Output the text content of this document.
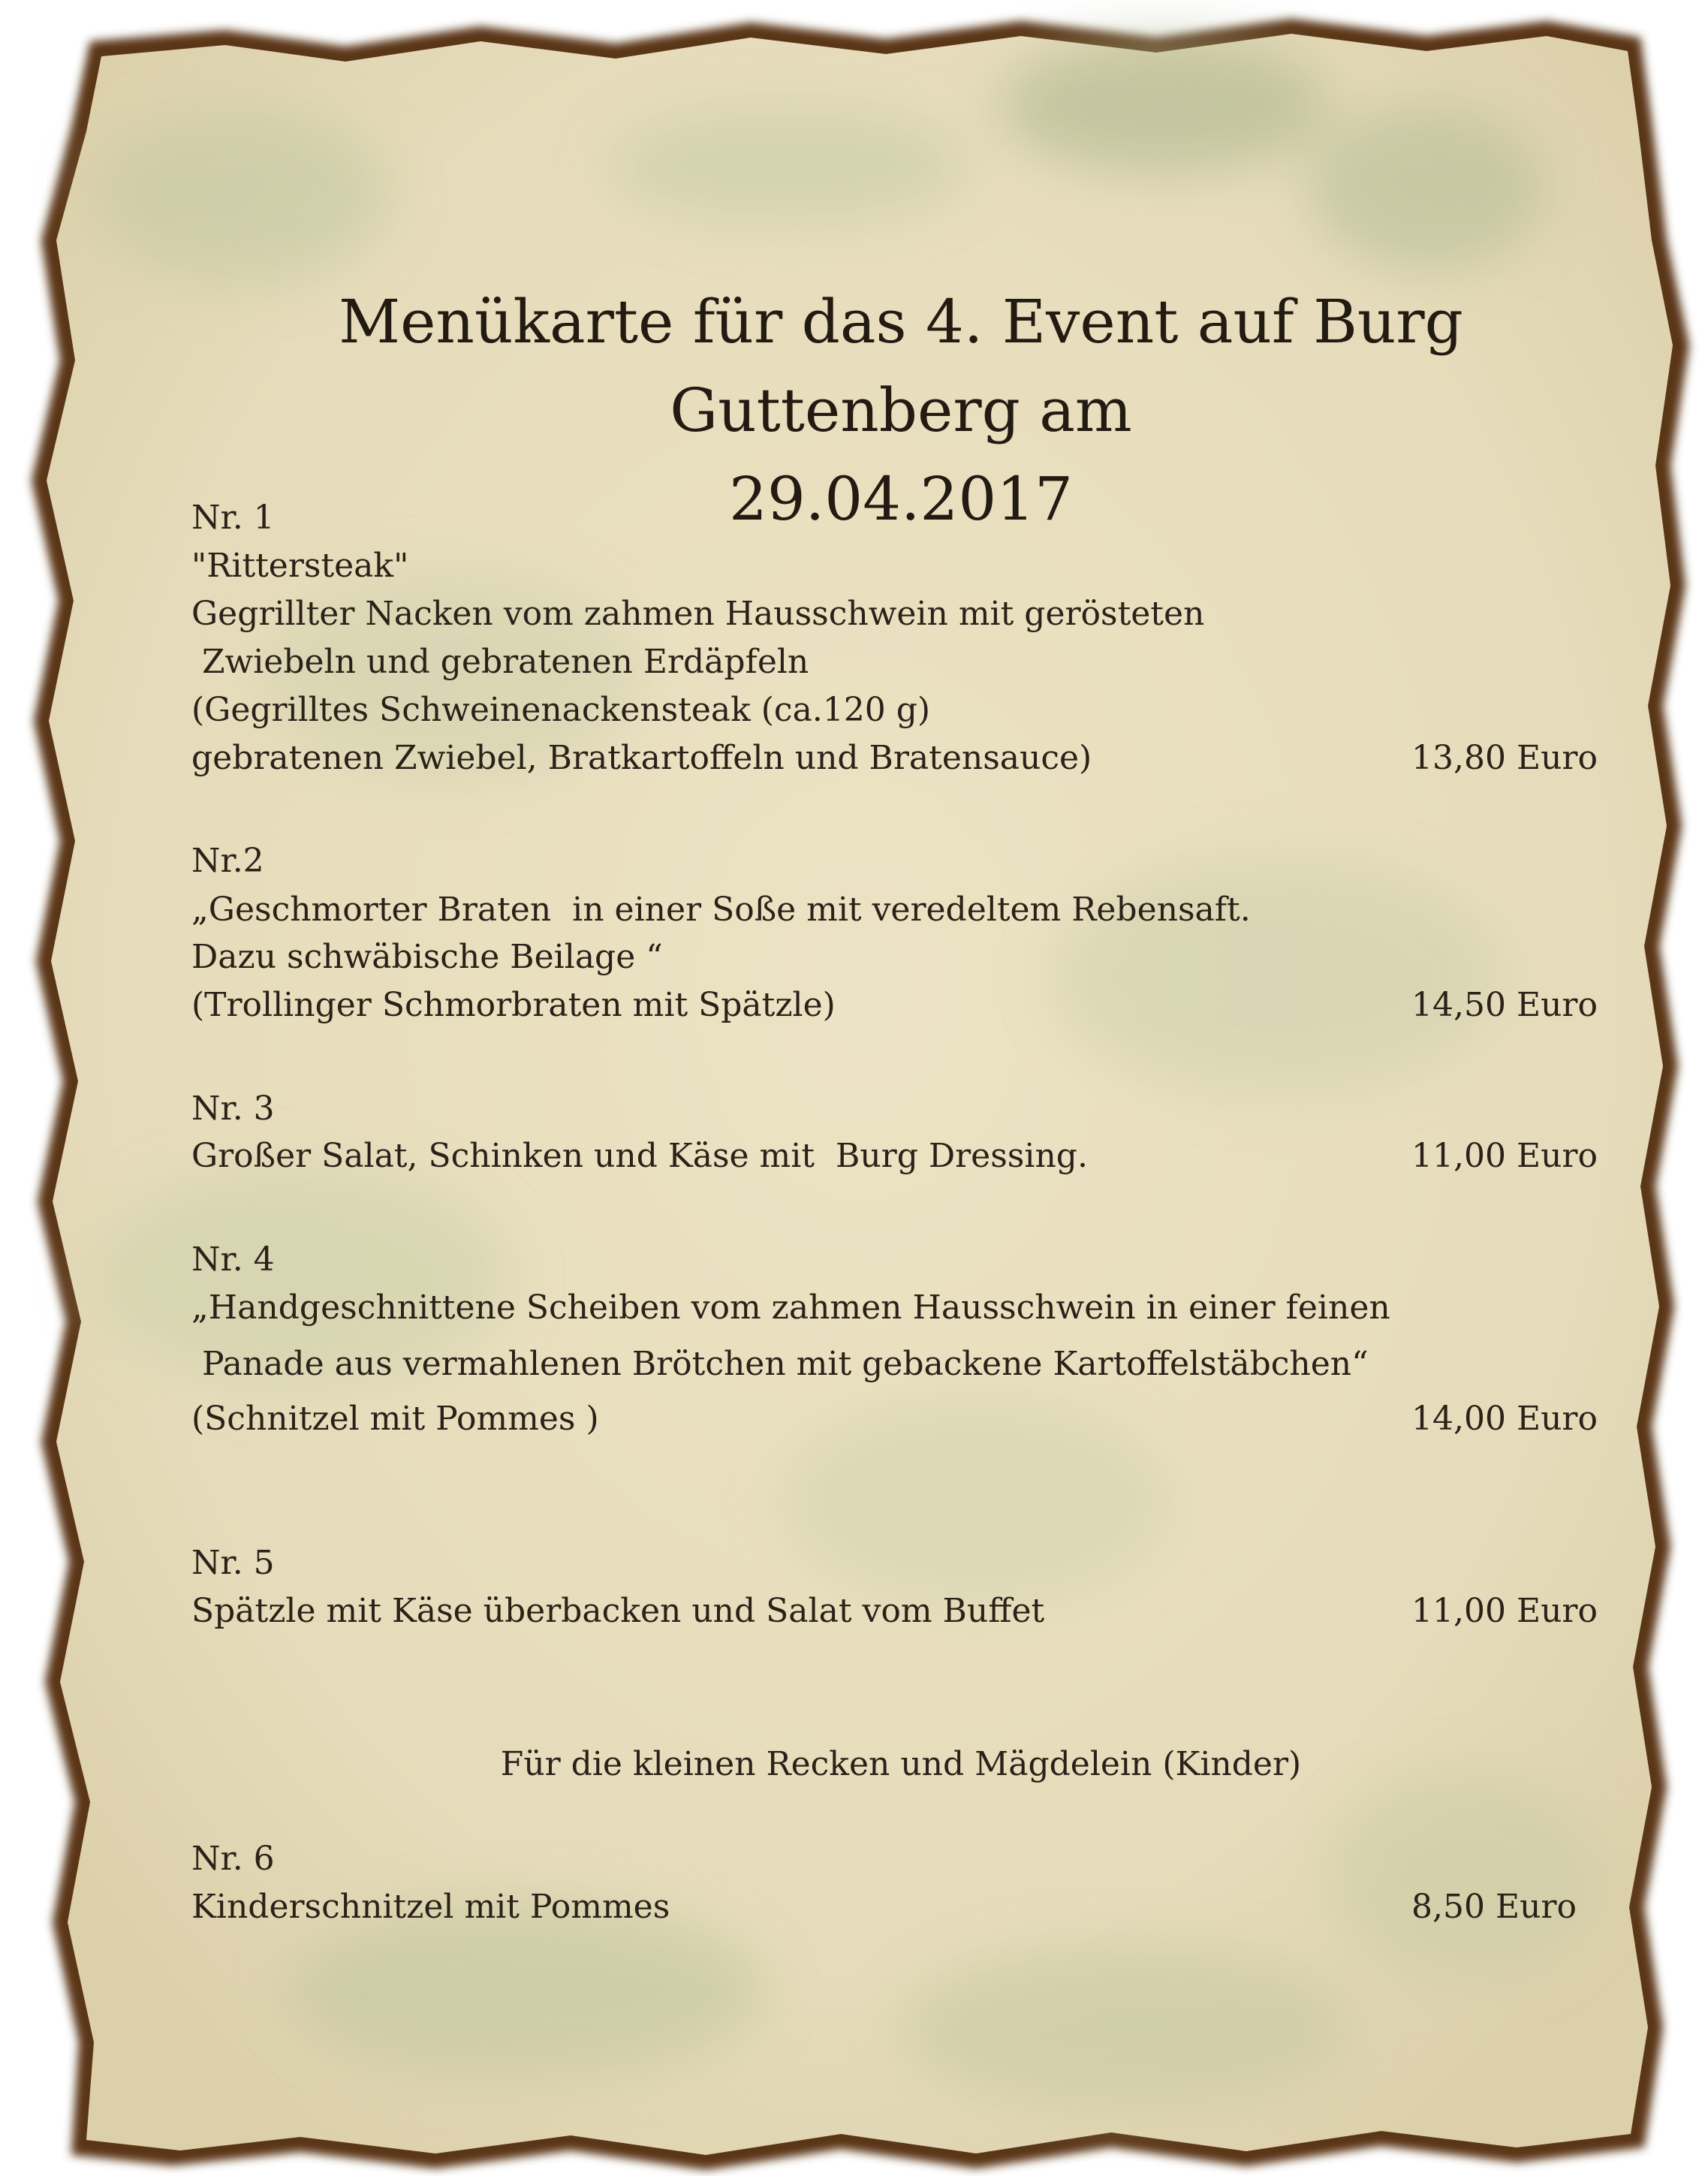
Menükarte für das 4. Event auf Burg Guttenberg am
29.04.2017
Nr. 1
"Rittersteak"
Gegrillter Nacken vom zahmen Hausschwein mit gerösteten
Zwiebeln und gebratenen Erdäpfeln
(Gegrilltes Schweinenackensteak (ca.120 g)
gebratenen Zwiebel, Bratkartoffeln und Bratensauce)	13,80 Euro
Nr.2
„Geschmorter Braten  in einer Soße mit veredeltem Rebensaft.
Dazu schwäbische Beilage “
(Trollinger Schmorbraten mit Spätzle)	14,50 Euro
Nr. 3
Großer Salat, Schinken und Käse mit  Burg Dressing.	11,00 Euro
Nr. 4
„Handgeschnittene Scheiben vom zahmen Hausschwein in einer feinen
Panade aus vermahlenen Brötchen mit gebackene Kartoffelstäbchen“
(Schnitzel mit Pommes )	14,00 Euro
Nr. 5
Spätzle mit Käse überbacken und Salat vom Buffet	11,00 Euro
Für die kleinen Recken und Mägdelein (Kinder)
Nr. 6
Kinderschnitzel mit Pommes	8,50 Euro
